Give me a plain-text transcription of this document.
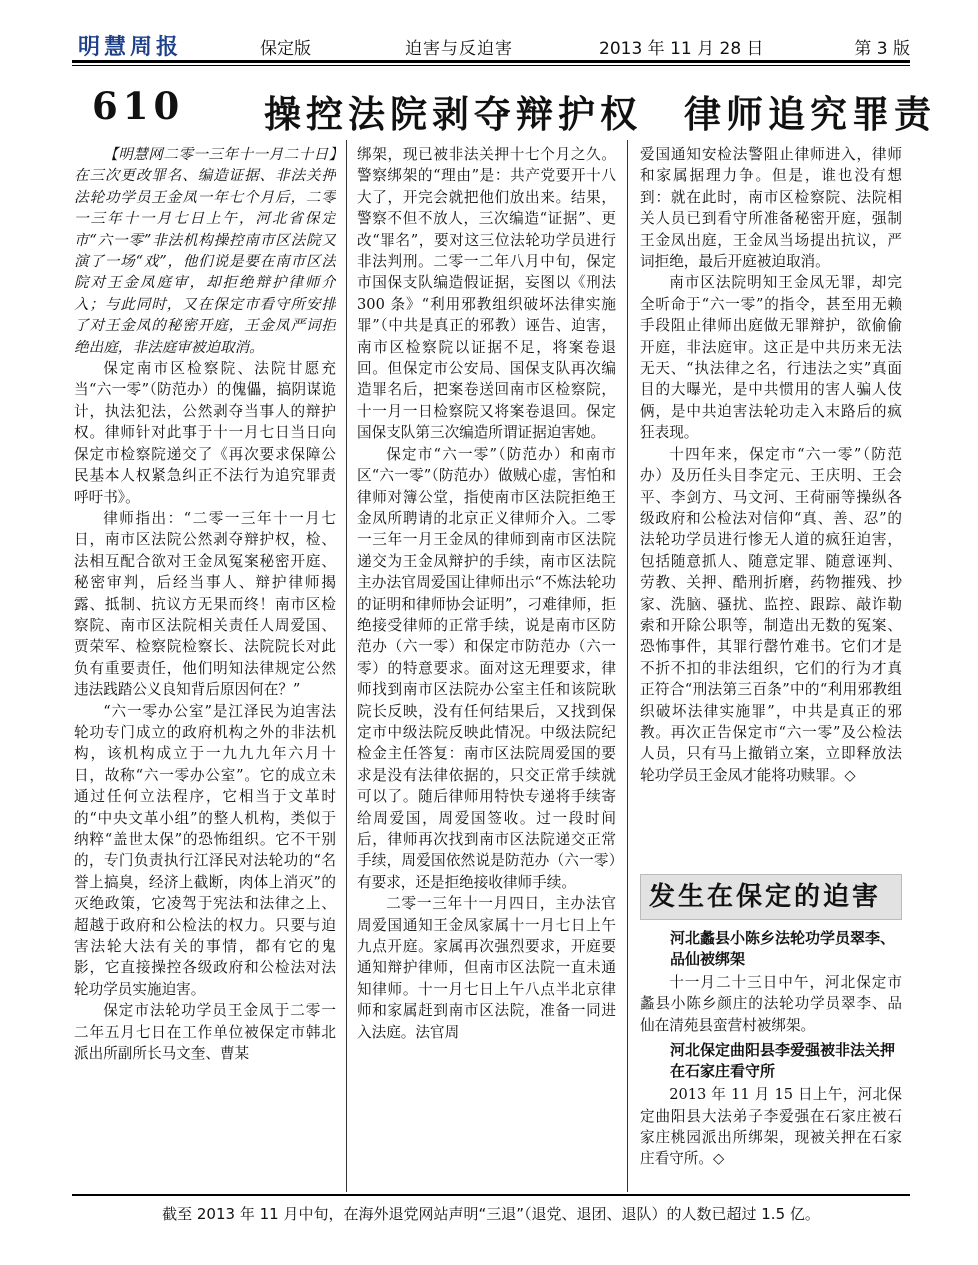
明慧周报	保定版	迫害与反迫害	2013 年 11 月 28 日	第 3 版
610 操控法院剥夺辩护权 律师追究罪责

【明慧网二零一三年十一月二十日】在三次更改罪名、编造证据、非法关押法轮功学员王金凤一年七个月后，二零一三年十一月七日上午，河北省保定市“六一零”非法机构操控南市区法院又演了一场“戏”，他们说是要在南市区法院对王金凤庭审，却拒绝辩护律师介入；与此同时，又在保定市看守所安排了对王金凤的秘密开庭，王金凤严词拒绝出庭，非法庭审被迫取消。

保定南市区检察院、法院甘愿充当“六一零”（防范办）的傀儡，搞阴谋诡计，执法犯法，公然剥夺当事人的辩护权。律师针对此事于十一月七日当日向保定市检察院递交了《再次要求保障公民基本人权紧急纠正不法行为追究罪责呼吁书》。

律师指出：“二零一三年十一月七日，南市区法院公然剥夺辩护权，检、法相互配合欲对王金凤冤案秘密开庭、秘密审判，后经当事人、辩护律师揭露、抵制、抗议方无果而终！南市区检察院、南市区法院相关责任人周爱国、贾荣军、检察院检察长、法院院长对此负有重要责任，他们明知法律规定公然违法践踏公义良知背后原因何在？”

“六一零办公室”是江泽民为迫害法轮功专门成立的政府机构之外的非法机构，该机构成立于一九九九年六月十日，故称“六一零办公室”。它的成立未通过任何立法程序，它相当于文革时的“中央文革小组”的整人机构，类似于纳粹“盖世太保”的恐怖组织。它不干别的，专门负责执行江泽民对法轮功的“名誉上搞臭，经济上截断，肉体上消灭”的灭绝政策，它凌驾于宪法和法律之上、超越于政府和公检法的权力。只要与迫害法轮大法有关的事情，都有它的鬼影，它直接操控各级政府和公检法对法轮功学员实施迫害。

保定市法轮功学员王金凤于二零一二年五月七日在工作单位被保定市韩北派出所副所长马文奎、曹某

绑架，现已被非法关押十七个月之久。警察绑架的“理由”是：共产党要开十八大了，开完会就把他们放出来。结果，警察不但不放人，三次编造“证据”、更改“罪名”，要对这三位法轮功学员进行非法判刑。二零一二年八月中旬，保定市国保支队编造假证据，妄图以《刑法 300 条》“利用邪教组织破坏法律实施罪”（中共是真正的邪教）诬告、迫害，南市区检察院以证据不足，将案卷退回。但保定市公安局、国保支队再次编造罪名后，把案卷送回南市区检察院，十一月一日检察院又将案卷退回。保定国保支队第三次编造所谓证据迫害她。

保定市“六一零”（防范办）和南市区“六一零”（防范办）做贼心虚，害怕和律师对簿公堂，指使南市区法院拒绝王金凤所聘请的北京正义律师介入。二零一三年一月王金凤的律师到南市区法院递交为王金凤辩护的手续，南市区法院主办法官周爱国让律师出示“不炼法轮功的证明和律师协会证明”，刁难律师，拒绝接受律师的正常手续，说是南市区防范办（六一零）和保定市防范办（六一零）的特意要求。面对这无理要求，律师找到南市区法院办公室主任和该院耿院长反映，没有任何结果后，又找到保定市中级法院反映此情况。中级法院纪检金主任答复：南市区法院周爱国的要求是没有法律依据的，只交正常手续就可以了。随后律师用特快专递将手续寄给周爱国，周爱国签收。过一段时间后，律师再次找到南市区法院递交正常手续，周爱国依然说是防范办（六一零）有要求，还是拒绝接收律师手续。

二零一三年十一月四日，主办法官周爱国通知王金凤家属十一月七日上午九点开庭。家属再次强烈要求，开庭要通知辩护律师，但南市区法院一直未通知律师。十一月七日上午八点半北京律师和家属赶到南市区法院，准备一同进入法庭。法官周

爱国通知安检法警阻止律师进入，律师和家属据理力争。但是，谁也没有想到：就在此时，南市区检察院、法院相关人员已到看守所准备秘密开庭，强制王金凤出庭，王金凤当场提出抗议，严词拒绝，最后开庭被迫取消。

南市区法院明知王金凤无罪，却完全听命于“六一零”的指令，甚至用无赖手段阻止律师出庭做无罪辩护，欲偷偷开庭，非法庭审。这正是中共历来无法无天、“执法律之名，行违法之实”真面目的大曝光，是中共惯用的害人骗人伎俩，是中共迫害法轮功走入末路后的疯狂表现。

十四年来，保定市“六一零”（防范办）及历任头目李定元、王庆明、王会平、李剑方、马文河、王荷丽等操纵各级政府和公检法对信仰“真、善、忍”的法轮功学员进行惨无人道的疯狂迫害，包括随意抓人、随意定罪、随意诬判、劳教、关押、酷刑折磨，药物摧残、抄家、洗脑、骚扰、监控、跟踪、敲诈勒索和开除公职等，制造出无数的冤案、恐怖事件，其罪行罄竹难书。它们才是不折不扣的非法组织，它们的行为才真正符合“刑法第三百条”中的“利用邪教组织破坏法律实施罪”，中共是真正的邪教。再次正告保定市“六一零”及公检法人员，只有马上撤销立案，立即释放法轮功学员王金凤才能将功赎罪。◇

发生在保定的迫害
河北蠡县小陈乡法轮功学员翠李、品仙被绑架

十一月二十三日中午，河北保定市蠡县小陈乡颜庄的法轮功学员翠李、品仙在清苑县蛮营村被绑架。

河北保定曲阳县李爱强被非法关押在石家庄看守所

2013 年 11 月 15 日上午，河北保定曲阳县大法弟子李爱强在石家庄被石家庄桃园派出所绑架，现被关押在石家庄看守所。◇

截至 2013 年 11 月中旬，在海外退党网站声明“三退”（退党、退团、退队）的人数已超过 1.5 亿。
